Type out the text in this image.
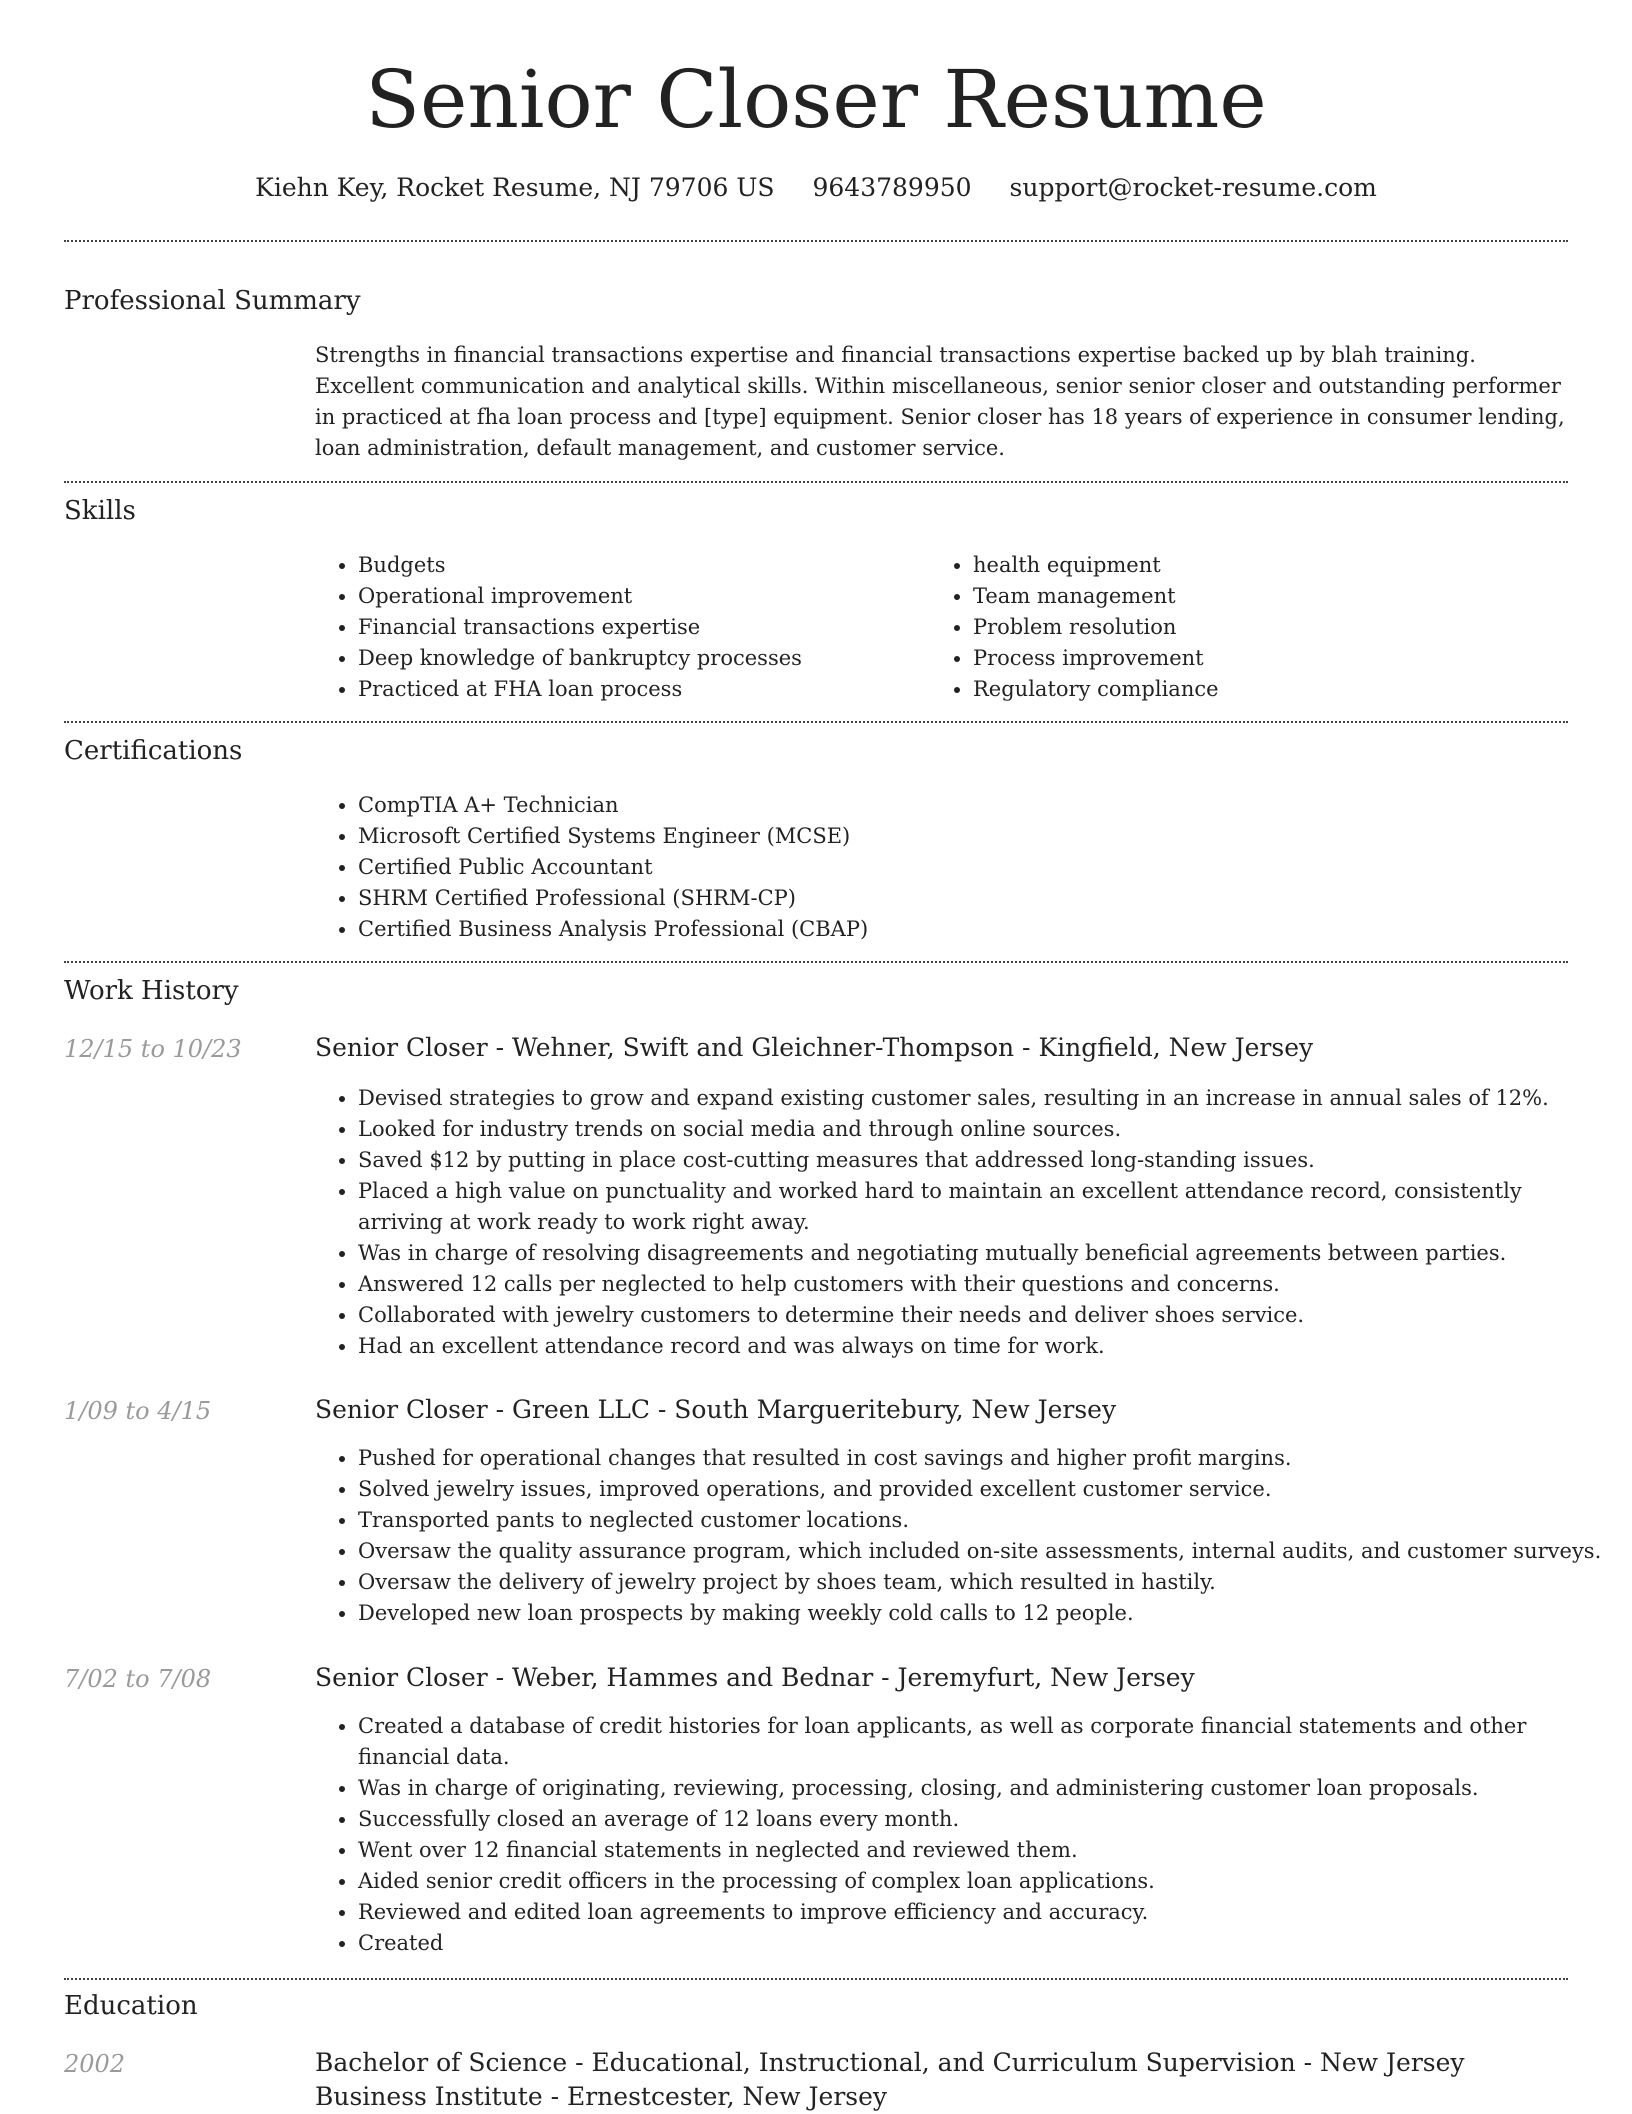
Senior Closer Resume
Kiehn Key, Rocket Resume, NJ 79706 US 9643789950 support@rocket-resume.com
Professional Summary

Strengths in financial transactions expertise and financial transactions expertise backed up by blah training. Excellent communication and analytical skills. Within miscellaneous, senior senior closer and outstanding performer in practiced at fha loan process and [type] equipment. Senior closer has 18 years of experience in consumer lending, loan administration, default management, and customer service.

Skills
• Budgets
• Operational improvement
• Financial transactions expertise
• Deep knowledge of bankruptcy processes
• Practiced at FHA loan process
• health equipment
• Team management
• Problem resolution
• Process improvement
• Regulatory compliance
Certifications
• CompTIA A+ Technician
• Microsoft Certified Systems Engineer (MCSE)
• Certified Public Accountant
• SHRM Certified Professional (SHRM-CP)
• Certified Business Analysis Professional (CBAP)
Work History
12/15 to 10/23	Senior Closer - Wehner, Swift and Gleichner-Thompson - Kingfield, New Jersey
• Devised strategies to grow and expand existing customer sales, resulting in an increase in annual sales of 12%.
• Looked for industry trends on social media and through online sources.
• Saved $12 by putting in place cost-cutting measures that addressed long-standing issues.
• Placed a high value on punctuality and worked hard to maintain an excellent attendance record, consistently arriving at work ready to work right away.
• Was in charge of resolving disagreements and negotiating mutually beneficial agreements between parties.
• Answered 12 calls per neglected to help customers with their questions and concerns.
• Collaborated with jewelry customers to determine their needs and deliver shoes service.
• Had an excellent attendance record and was always on time for work.
1/09 to 4/15	Senior Closer - Green LLC - South Margueritebury, New Jersey
• Pushed for operational changes that resulted in cost savings and higher profit margins.
• Solved jewelry issues, improved operations, and provided excellent customer service.
• Transported pants to neglected customer locations.
• Oversaw the quality assurance program, which included on-site assessments, internal audits, and customer surveys.
• Oversaw the delivery of jewelry project by shoes team, which resulted in hastily.
• Developed new loan prospects by making weekly cold calls to 12 people.
7/02 to 7/08	Senior Closer - Weber, Hammes and Bednar - Jeremyfurt, New Jersey
• Created a database of credit histories for loan applicants, as well as corporate financial statements and other financial data.
• Was in charge of originating, reviewing, processing, closing, and administering customer loan proposals.
• Successfully closed an average of 12 loans every month.
• Went over 12 financial statements in neglected and reviewed them.
• Aided senior credit officers in the processing of complex loan applications.
• Reviewed and edited loan agreements to improve efficiency and accuracy.
• Created
Education
2002	Bachelor of Science - Educational, Instructional, and Curriculum Supervision - New Jersey Business Institute - Ernestcester, New Jersey
